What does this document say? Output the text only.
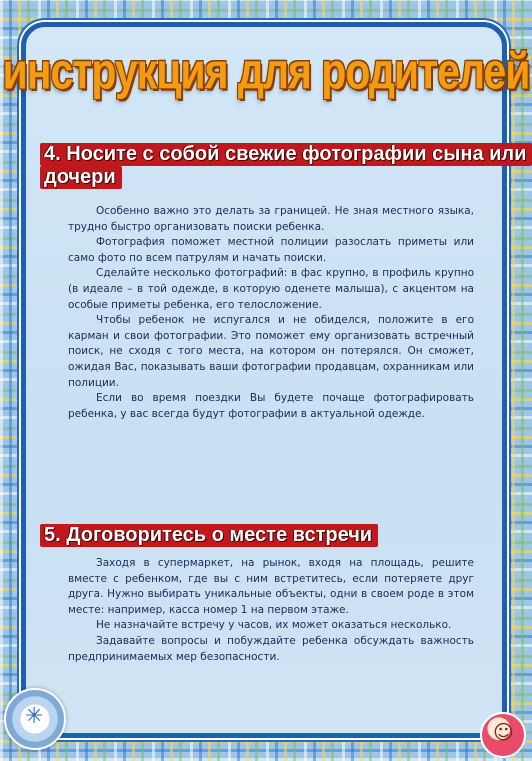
инструкция для родителей
4. Носите с собой свежие фотографии сына или дочери

Особенно важно это делать за границей. Не зная местного языка, трудно быстро организовать поиски ребенка.

Фотография поможет местной полиции разослать приметы или само фото по всем патрулям и начать поиски.

Сделайте несколько фотографий: в фас крупно, в профиль крупно (в идеале – в той одежде, в которую оденете малыша), с акцентом на особые приметы ребенка, его телосложение.

Чтобы ребенок не испугался и не обиделся, положите в его карман и свои фотографии. Это поможет ему организовать встречный поиск, не сходя с того места, на котором он потерялся. Он сможет, ожидая Вас, показывать ваши фотографии продавцам, охранникам или полиции.

Если во время поездки Вы будете почаще фотографировать ребенка, у вас всегда будут фотографии в актуальной одежде.

5. Договоритесь о месте встречи

Заходя в супермаркет, на рынок, входя на площадь, решите вместе с ребенком, где вы с ним встретитесь, если потеряете друг друга. Нужно выбирать уникальные объекты, одни в своем роде в этом месте: например, касса номер 1 на первом этаже.

Не назначайте встречу у часов, их может оказаться несколько.

Задавайте вопросы и побуждайте ребенка обсуждать важность предпринимаемых мер безопасности.

✳
☺
